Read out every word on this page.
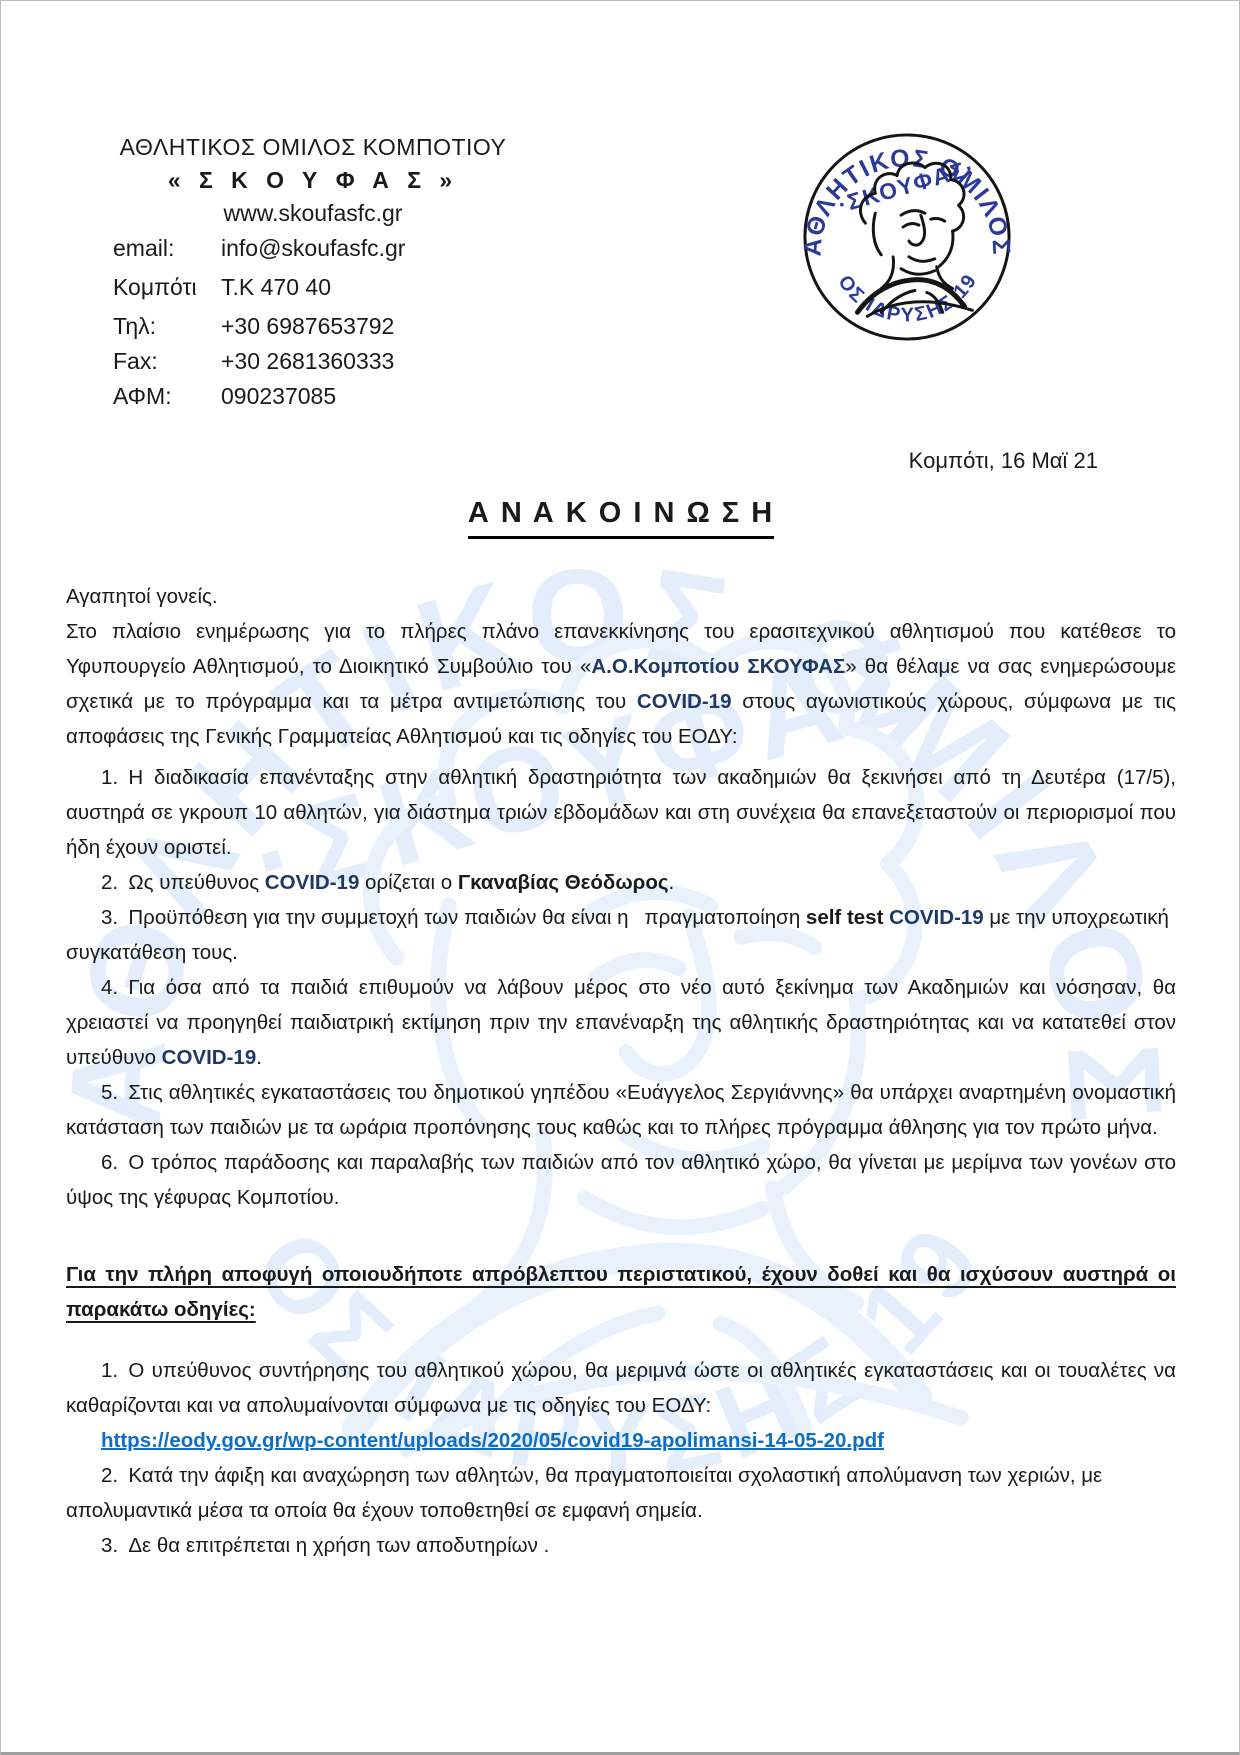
ΑΘΛΗΤΙΚΟΣ ΟΜΙΛΟΣ ΚΟΜΠΟΤΙΟΥ
« Σ Κ Ο Υ Φ Α Σ »
www.skoufasfc.gr
email:	info@skoufasfc.gr
Κομπότι	Τ.Κ 470 40
Τηλ:	+30 6987653792
Fax:	+30 2681360333
ΑΦΜ:	090237085
Κομπότι, 16 Μαϊ 21
Α Ν Α Κ Ο Ι Ν Ω Σ Η

Αγαπητοί γονείς.

Στο πλαίσιο ενημέρωσης για το πλήρες πλάνο επανεκκίνησης του ερασιτεχνικού αθλητισμού που κατέθεσε το Υφυπουργείο Αθλητισμού, το Διοικητικό Συμβούλιο του «Α.Ο.Κομποτίου ΣΚΟΥΦΑΣ» θα θέλαμε να σας ενημερώσουμε σχετικά με το πρόγραμμα και τα μέτρα αντιμετώπισης του COVID-19 στους αγωνιστικούς χώρους, σύμφωνα με τις αποφάσεις της Γενικής Γραμματείας Αθλητισμού και τις οδηγίες του ΕΟΔΥ:

1. Η διαδικασία επανένταξης στην αθλητική δραστηριότητα των ακαδημιών θα ξεκινήσει από τη Δευτέρα (17/5), αυστηρά σε γκρουπ 10 αθλητών, για διάστημα τριών εβδομάδων και στη συνέχεια θα επανεξεταστούν οι περιορισμοί που ήδη έχουν οριστεί.

2. Ως υπεύθυνος COVID-19 ορίζεται ο Γκαναβίας Θεόδωρος.

3. Προϋπόθεση για την συμμετοχή των παιδιών θα είναι η  πραγματοποίηση self test COVID-19 με την υποχρεωτική συγκατάθεση τους.

4. Για όσα από τα παιδιά επιθυμούν να λάβουν μέρος στο νέο αυτό ξεκίνημα των Ακαδημιών και νόσησαν, θα χρειαστεί να προηγηθεί παιδιατρική εκτίμηση πριν την επανέναρξη της αθλητικής δραστηριότητας και να κατατεθεί στον υπεύθυνο COVID-19.

5. Στις αθλητικές εγκαταστάσεις του δημοτικού γηπέδου «Ευάγγελος Σεργιάννης» θα υπάρχει αναρτημένη ονομαστική κατάσταση των παιδιών με τα ωράρια προπόνησης τους καθώς και το πλήρες πρόγραμμα άθλησης για τον πρώτο μήνα.

6. Ο τρόπος παράδοσης και παραλαβής των παιδιών από τον αθλητικό χώρο, θα γίνεται με μερίμνα των γονέων στο ύψος της γέφυρας Κομποτίου.

Για την πλήρη αποφυγή οποιουδήποτε απρόβλεπτου περιστατικού, έχουν δοθεί και θα ισχύσουν αυστηρά οι παρακάτω οδηγίες:

1. Ο υπεύθυνος συντήρησης του αθλητικού χώρου, θα μεριμνά ώστε οι αθλητικές εγκαταστάσεις και οι τουαλέτες να καθαρίζονται και να απολυμαίνονται σύμφωνα με τις οδηγίες του ΕΟΔΥ:

https://eody.gov.gr/wp-content/uploads/2020/05/covid19-apolimansi-14-05-20.pdf

2. Κατά την άφιξη και αναχώρηση των αθλητών, θα πραγματοποιείται σχολαστική απολύμανση των χεριών, με απολυμαντικά μέσα τα οποία θα έχουν τοποθετηθεί σε εμφανή σημεία.

3. Δε θα επιτρέπεται η χρήση των αποδυτηρίων .
